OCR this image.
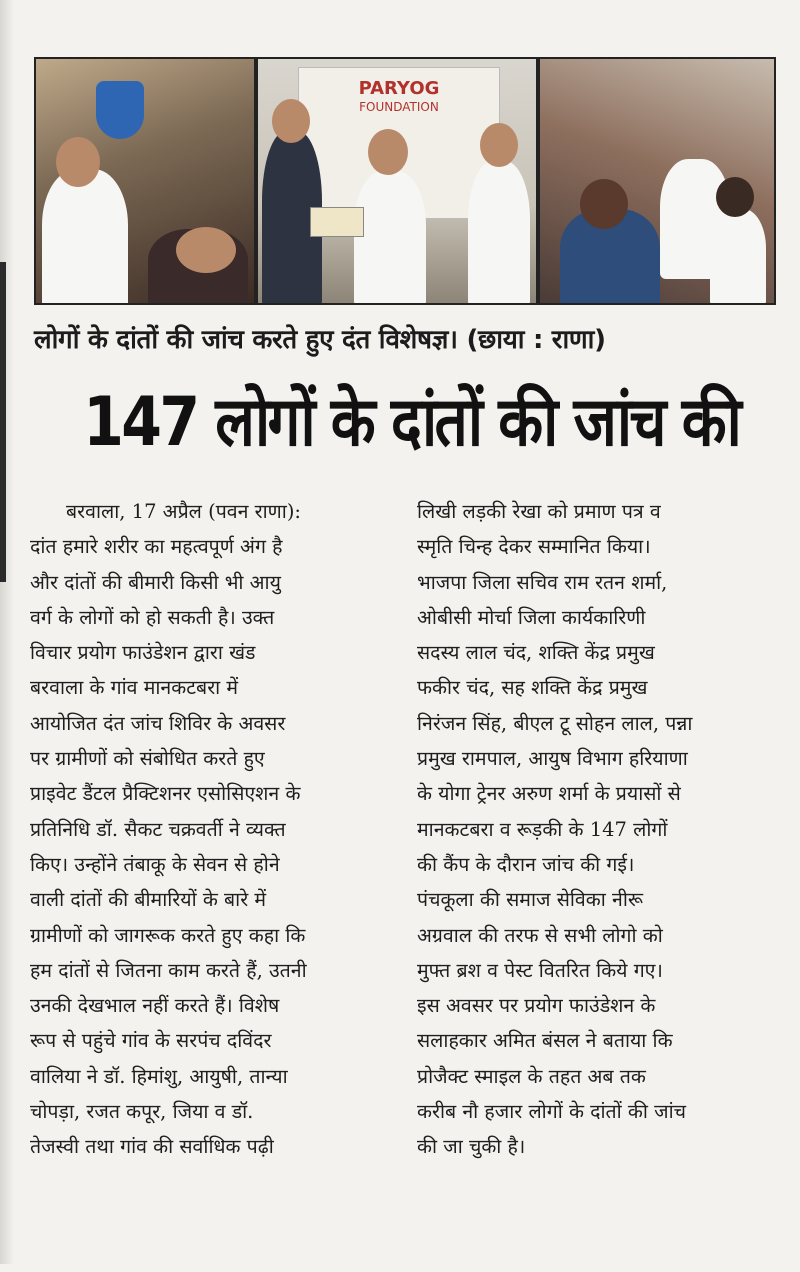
PARYOG
FOUNDATION
लोगों के दांतों की जांच करते हुए दंत विशेषज्ञ। (छाया : राणा)
147 लोगों के दांतों की जांच की
बरवाला, 17 अप्रैल (पवन राणा):
दांत हमारे शरीर का महत्वपूर्ण अंग है
और दांतों की बीमारी किसी भी आयु
वर्ग के लोगों को हो सकती है। उक्त
विचार प्रयोग फाउंडेशन द्वारा खंड
बरवाला के गांव मानकटबरा में
आयोजित दंत जांच शिविर के अवसर
पर ग्रामीणों को संबोधित करते हुए
प्राइवेट डैंटल प्रैक्टिशनर एसोसिएशन के
प्रतिनिधि डॉ. सैकट चक्रवर्ती ने व्यक्त
किए। उन्होंने तंबाकू के सेवन से होने
वाली दांतों की बीमारियों के बारे में
ग्रामीणों को जागरूक करते हुए कहा कि
हम दांतों से जितना काम करते हैं, उतनी
उनकी देखभाल नहीं करते हैं। विशेष
रूप से पहुंचे गांव के सरपंच दविंदर
वालिया ने डॉ. हिमांशु, आयुषी, तान्या
चोपड़ा, रजत कपूर, जिया व डॉ.
तेजस्वी तथा गांव की सर्वाधिक पढ़ी
लिखी लड़की रेखा को प्रमाण पत्र व
स्मृति चिन्ह देकर सम्मानित किया।
भाजपा जिला सचिव राम रतन शर्मा,
ओबीसी मोर्चा जिला कार्यकारिणी
सदस्य लाल चंद, शक्ति केंद्र प्रमुख
फकीर चंद, सह शक्ति केंद्र प्रमुख
निरंजन सिंह, बीएल टू सोहन लाल, पन्ना
प्रमुख रामपाल, आयुष विभाग हरियाणा
के योगा ट्रेनर अरुण शर्मा के प्रयासों से
मानकटबरा व रूड़की के 147 लोगों
की कैंप के दौरान जांच की गई।
पंचकूला की समाज सेविका नीरू
अग्रवाल की तरफ से सभी लोगो को
मुफ्त ब्रश व पेस्ट वितरित किये गए।
इस अवसर पर प्रयोग फाउंडेशन के
सलाहकार अमित बंसल ने बताया कि
प्रोजैक्ट स्माइल के तहत अब तक
करीब नौ हजार लोगों के दांतों की जांच
की जा चुकी है।
